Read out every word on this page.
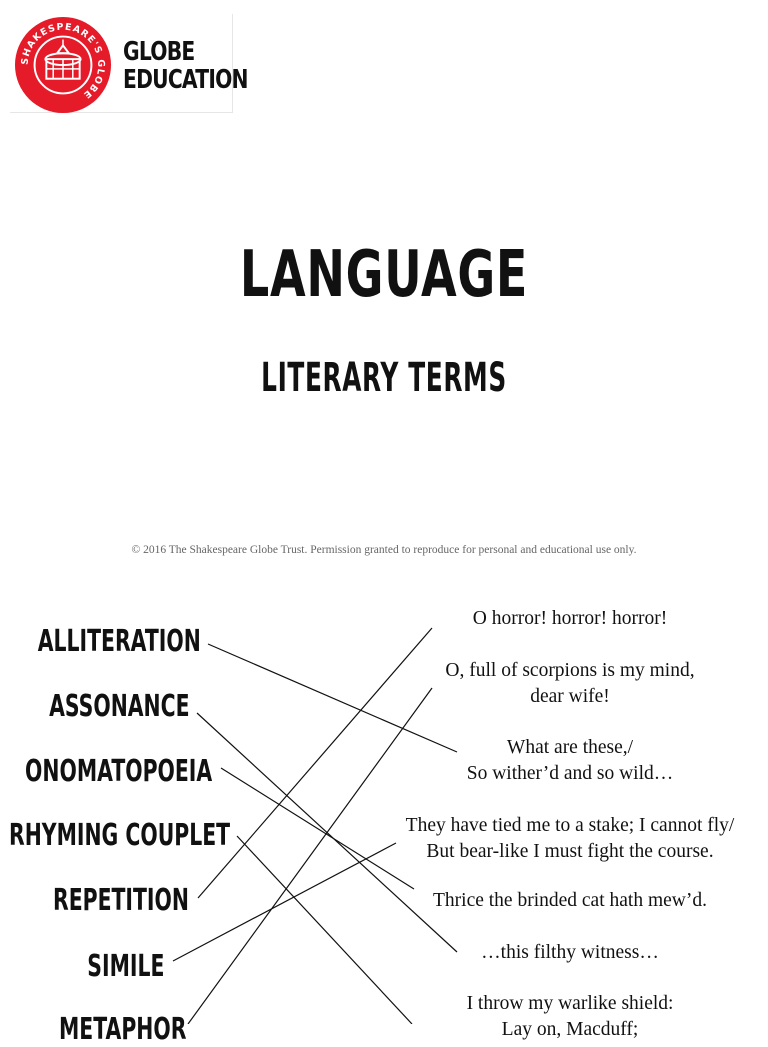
SHAKESPEARE'S GLOBE
GLOBE
EDUCATION
LANGUAGE
LITERARY TERMS
© 2016 The Shakespeare Globe Trust. Permission granted to reproduce for personal and educational use only.
ALLITERATION
ASSONANCE
ONOMATOPOEIA
RHYMING COUPLET
REPETITION
SIMILE
METAPHOR
O horror! horror! horror!
O, full of scorpions is my mind,
dear wife!
What are these,/
So wither’d and so wild…
They have tied me to a stake; I cannot fly/
But bear-like I must fight the course.
Thrice the brinded cat hath mew’d.
…this filthy witness…
I throw my warlike shield:
Lay on, Macduff;
